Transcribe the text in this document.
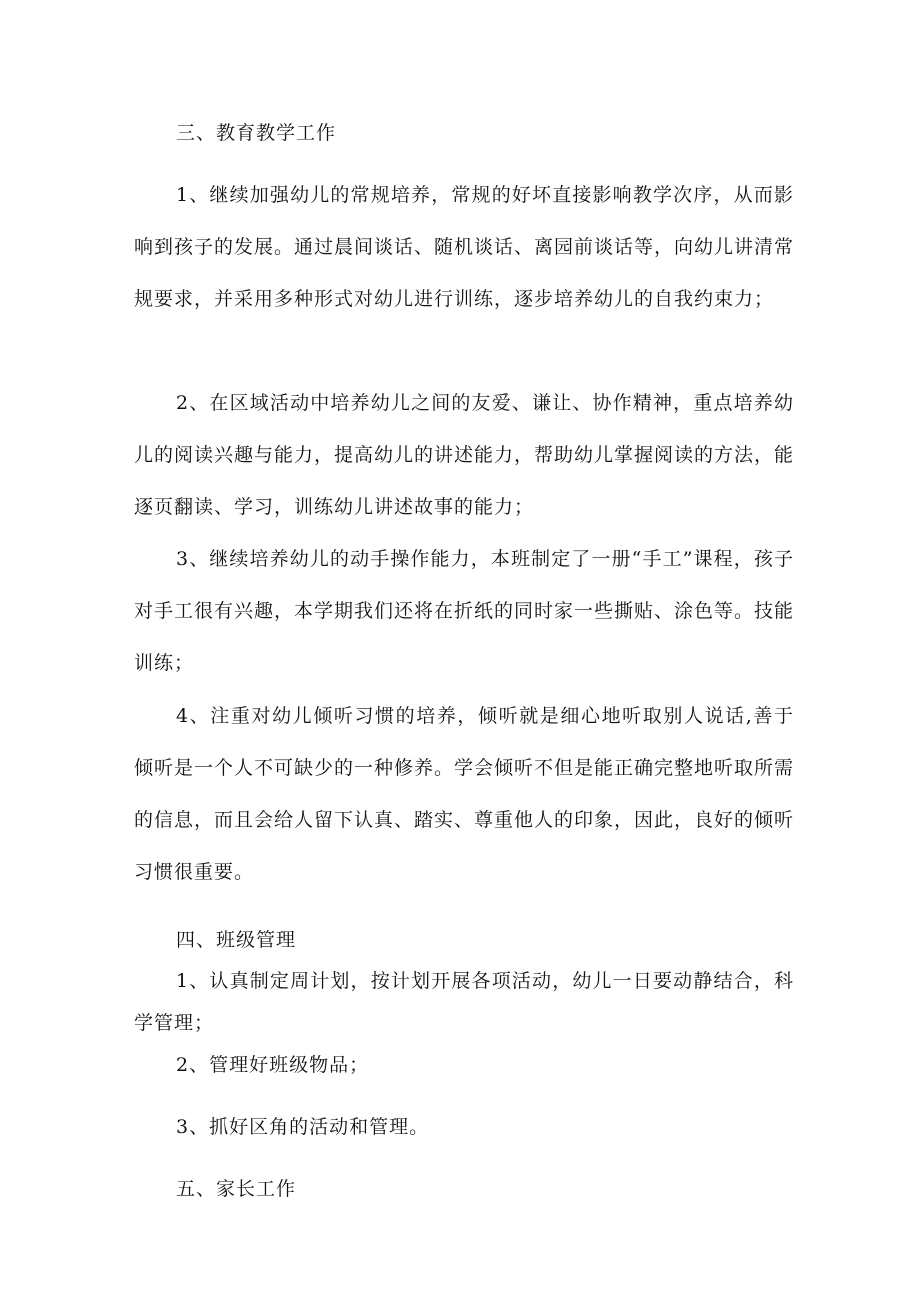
三、教育教学工作
1、继续加强幼儿的常规培养，常规的好坏直接影响教学次序，从而影响到孩子的发展。通过晨间谈话、随机谈话、离园前谈话等，向幼儿讲清常规要求，并采用多种形式对幼儿进行训练，逐步培养幼儿的自我约束力；
2、在区域活动中培养幼儿之间的友爱、谦让、协作精神，重点培养幼儿的阅读兴趣与能力，提高幼儿的讲述能力，帮助幼儿掌握阅读的方法，能逐页翻读、学习，训练幼儿讲述故事的能力；
3、继续培养幼儿的动手操作能力，本班制定了一册“手工”课程，孩子对手工很有兴趣，本学期我们还将在折纸的同时家一些撕贴、涂色等。技能训练；
4、注重对幼儿倾听习惯的培养，倾听就是细心地听取别人说话,善于倾听是一个人不可缺少的一种修养。学会倾听不但是能正确完整地听取所需的信息，而且会给人留下认真、踏实、尊重他人的印象，因此，良好的倾听习惯很重要。
四、班级管理
1、认真制定周计划，按计划开展各项活动，幼儿一日要动静结合，科学管理；
2、管理好班级物品；
3、抓好区角的活动和管理。
五、家长工作
